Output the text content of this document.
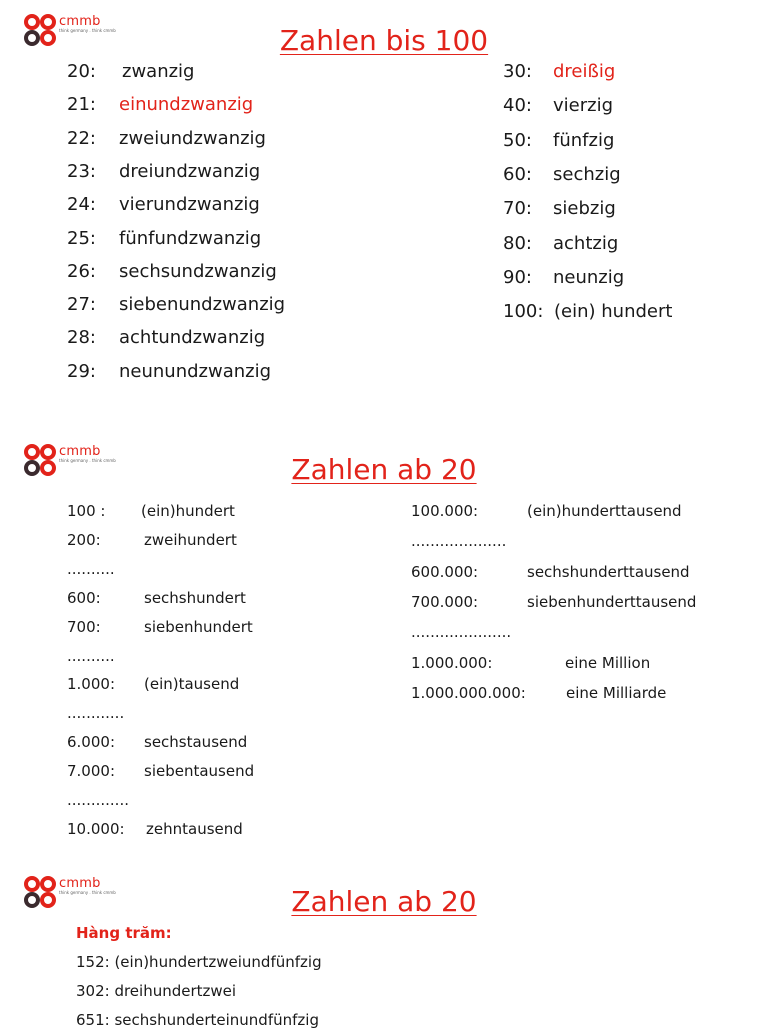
cmmb
think germany . think cmmb	Zahlen bis 100
20: zwanzig
21: einundzwanzig
22: zweiundzwanzig
23: dreiundzwanzig
24: vierundzwanzig
25: fünfundzwanzig
26: sechsundzwanzig
27: siebenundzwanzig
28: achtundzwanzig
29: neunundzwanzig
30: dreißig
40: vierzig
50: fünfzig
60: sechzig
70: siebzig
80: achtzig
90: neunzig
100: (ein) hundert
cmmb
think germany . think cmmb	Zahlen ab 20
100 : (ein)hundert
200:	zweihundert
..........
600:	sechshundert
700:	siebenhundert
..........
1.000: (ein)tausend
............
6.000: sechstausend
7.000: siebentausend
.............
10.000: zehntausend
100.000:	(ein)hunderttausend
....................
600.000:	sechshunderttausend
700.000:	siebenhunderttausend
.....................
1.000.000:	eine Million
1.000.000.000:	eine Milliarde
cmmb
think germany . think cmmb	Zahlen ab 20
Hàng trăm:
152: (ein)hundertzweiundfünfzig
302: dreihundertzwei
651: sechshunderteinundfünfzig
